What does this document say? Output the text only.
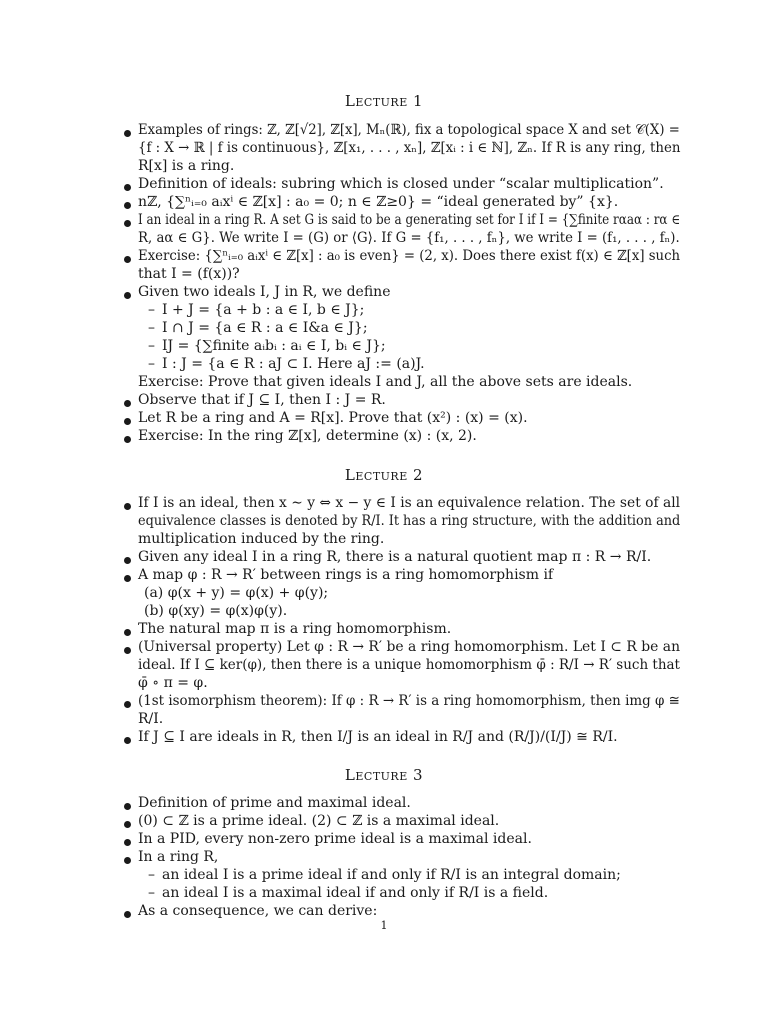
Lecture 1
Examples of rings: ℤ, ℤ[√2], ℤ[x], Mₙ(ℝ), fix a topological space X and set 𝒞(X) =
{f : X → ℝ | f is continuous}, ℤ[x₁, . . . , xₙ], ℤ[xᵢ : i ∈ ℕ], ℤₙ. If R is any ring, then
R[x] is a ring.
Definition of ideals: subring which is closed under “scalar multiplication”.
nℤ, {∑ⁿᵢ₌₀ aᵢxⁱ ∈ ℤ[x] : a₀ = 0; n ∈ ℤ≥0} = “ideal generated by” {x}.
I an ideal in a ring R. A set G is said to be a generating set for I if I = {∑finite rαaα : rα ∈
R, aα ∈ G}. We write I = (G) or ⟨G⟩. If G = {f₁, . . . , fₙ}, we write I = (f₁, . . . , fₙ).
Exercise: {∑ⁿᵢ₌₀ aᵢxⁱ ∈ ℤ[x] : a₀ is even} = (2, x). Does there exist f(x) ∈ ℤ[x] such
that I = (f(x))?
Given two ideals I, J in R, we define
– I + J = {a + b : a ∈ I, b ∈ J};
– I ∩ J = {a ∈ R : a ∈ I&a ∈ J};
– IJ = {∑finite aᵢbᵢ : aᵢ ∈ I, bᵢ ∈ J};
– I : J = {a ∈ R : aJ ⊂ I. Here aJ := (a)J.
Exercise: Prove that given ideals I and J, all the above sets are ideals.
Observe that if J ⊆ I, then I : J = R.
Let R be a ring and A = R[x]. Prove that (x²) : (x) = (x).
Exercise: In the ring ℤ[x], determine (x) : (x, 2).
Lecture 2
If I is an ideal, then x ∼ y ⇔ x − y ∈ I is an equivalence relation. The set of all
equivalence classes is denoted by R/I. It has a ring structure, with the addition and
multiplication induced by the ring.
Given any ideal I in a ring R, there is a natural quotient map π : R → R/I.
A map φ : R → R′ between rings is a ring homomorphism if
(a) φ(x + y) = φ(x) + φ(y);
(b) φ(xy) = φ(x)φ(y).
The natural map π is a ring homomorphism.
(Universal property) Let φ : R → R′ be a ring homomorphism. Let I ⊂ R be an
ideal. If I ⊆ ker(φ), then there is a unique homomorphism φ̄ : R/I → R′ such that
φ̄ ∘ π = φ.
(1st isomorphism theorem): If φ : R → R′ is a ring homomorphism, then img φ ≅
R/I.
If J ⊆ I are ideals in R, then I/J is an ideal in R/J and (R/J)/(I/J) ≅ R/I.
Lecture 3
Definition of prime and maximal ideal.
(0) ⊂ ℤ is a prime ideal. (2) ⊂ ℤ is a maximal ideal.
In a PID, every non-zero prime ideal is a maximal ideal.
In a ring R,
– an ideal I is a prime ideal if and only if R/I is an integral domain;
– an ideal I is a maximal ideal if and only if R/I is a field.
As a consequence, we can derive:
1
